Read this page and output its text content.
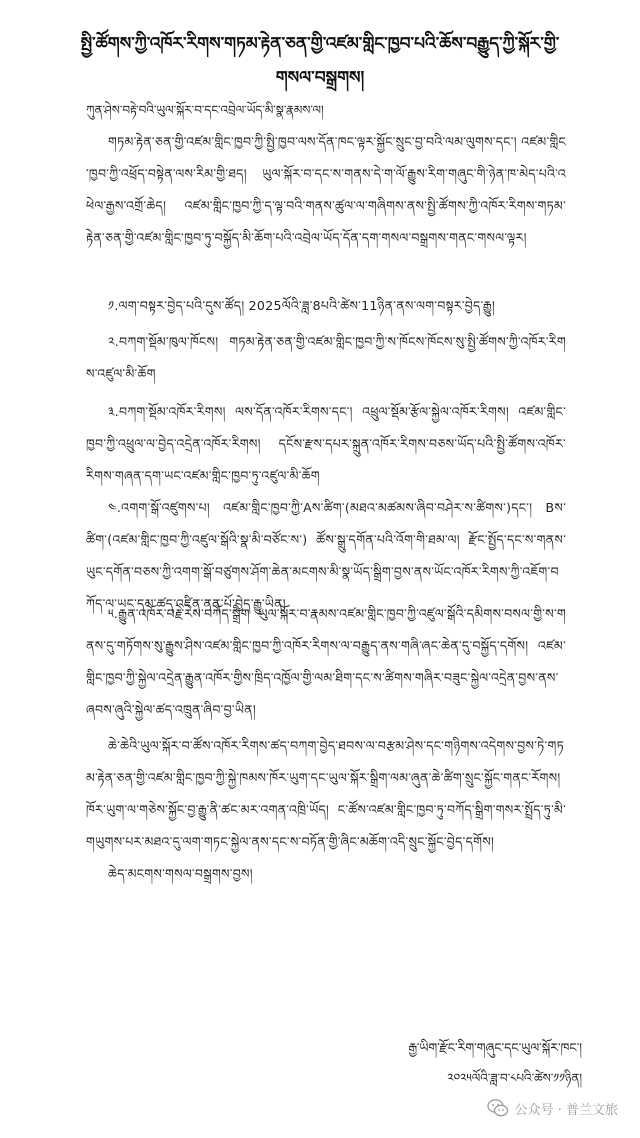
སྤྱི་ཚོགས་ཀྱི་འཁོར་རིགས་གཏམ་རྟེན་ཅན་གྱི་འཛམ་གླིང་ཁྱབ་པའི་ཆོས་བརྒྱུད་ཀྱི་སྐོར་གྱི་
གསལ་བསྒྲགས།
ཀུན་ཤེས་བརྟེ་བའི་ཡུལ་སྐོར་བ་དང་འབྲེལ་ཡོད་མི་སྣ་རྣམས་ལ།
གཏམ་རྟེན་ཅན་གྱི་འཛམ་གླིང་ཁྱབ་ཀྱི་སྤྱི་ཁྱབ་ལས་དོན་ཁང་ལྟར་སྐྱོང་སྲུང་བྱ་བའི་ལམ་ལུགས་དང་། འཛམ་གླིང་ཁྱབ་ཀྱི་འཕྲོད་བསྟེན་ལས་རིམ་གྱི་ཐད། ཡུལ་སྐོར་བ་དང་ས་གནས་དེ་ག་ལོ་རྒྱུས་རིག་གཞུང་གི་ཉེན་ཁ་མེད་པའི་འཕེལ་རྒྱས་འགྲོ་ཆེད། འཛམ་གླིང་ཁྱབ་ཀྱི་ད་ལྟ་བའི་གནས་ཚུལ་ལ་གཞིགས་ནས་སྤྱི་ཚོགས་ཀྱི་འཁོར་རིགས་གཏམ་རྟེན་ཅན་གྱི་འཛམ་གླིང་ཁྱབ་ཏུ་བསྐྱོད་མི་ཆོག་པའི་འབྲེལ་ཡོད་དོན་དག་གསལ་བསྒྲགས་གནང་གསལ་ལྟར།
༡.ལག་བསྟར་བྱེད་པའི་དུས་ཚོད། 2025ལོའི་ཟླ་8པའི་ཚེས་11ཉིན་ནས་ལག་བསྟར་བྱེད་རྒྱུ།
༢.བཀག་སྡོམ་ཁུལ་ཁོངས། གཏམ་རྟེན་ཅན་གྱི་འཛམ་གླིང་ཁྱབ་ཀྱི་ས་ཁོངས་ཁོངས་སུ་སྤྱི་ཚོགས་ཀྱི་འཁོར་རིགས་འཛུལ་མི་ཆོག
༣.བཀག་སྡོམ་འཁོར་རིགས། ལས་དོན་འཁོར་རིགས་དང་། འཕྲུལ་སྡོམ་རྩོལ་སྐྱེལ་འཁོར་རིགས། འཛམ་གླིང་ཁྱབ་ཀྱི་འཕྲུལ་ལ་བྱེད་འདྲེན་འཁོར་རིགས། དངོས་རྫས་དཔར་སྐྲུན་འཁོར་རིགས་བཅས་ཡོད་པའི་སྤྱི་ཚོགས་འཁོར་རིགས་གཞན་དག་ཡང་འཛམ་གླིང་ཁྱབ་ཏུ་འཛུལ་མི་ཆོག
༤.འགག་སྒོ་འཛུགས་པ། འཛམ་གླིང་ཁྱབ་ཀྱི་Aས་ཚིག་(མཐའ་མཚམས་ཞིབ་བཤེར་ས་ཚིགས་)དང་། Bས་ཚིག་(འཛམ་གླིང་ཁྱབ་ཀྱི་འཛུལ་སྒོའི་སྣ་མི་བཙོང་ས་) ཚོས་སྒྲུ་དགོན་པའི་འོག་གི་ཐམ་ལ། རྫོང་སྤྱོད་དང་ས་གནས་ཡུང་དགོན་བཅས་ཀྱི་འགག་སྒོ་བཙུགས་ཤོག་ཆེན་མངགས་མི་སྣ་ཡོད་སྒྲིག་བྱས་ནས་ཡོང་འཁོར་རིགས་ཀྱི་འཇོག་བཀོད་ལ་ཡང་དམ་ཚད་འཛིན་ནན་པོ་བྱེད་རྒྱུ་ཡིན།
༥.རྒྱུན་འཁོར་བརྗེ་རེས་བཀོད་སྒྲིག ཡུལ་སྐོར་བ་རྣམས་འཛམ་གླིང་ཁྱབ་ཀྱི་འཛུལ་སྒོའི་དམིགས་བསལ་གྱི་ས་གནས་དུ་གཏོགས་སུ་རྒྱུས་ཤིས་འཛམ་གླིང་ཁྱབ་ཀྱི་འཁོར་རིགས་ལ་བརྒྱུད་ནས་གཞི་ཞང་ཆེན་དུ་བསྐྱོད་དགོས། འཛམ་གླིང་ཁྱབ་ཀྱི་སྐྱེལ་འདྲེན་རྒྱུན་འཁོར་གྱིས་ཁྲིད་འཁྱོལ་གྱི་ལམ་ཐིག་དང་ས་ཚིགས་གཞིར་བཟུང་སྐྱེལ་འདྲེན་བྱས་ནས་ཞབས་ཞུའི་སྐྱེལ་ཚད་འཁྲུན་ཞིབ་བྱ་ཡིན།
ཆེ་ཆེའི་ཡུལ་སྐོར་བ་ཚོས་འཁོར་རིགས་ཚད་བཀག་བྱེད་ཐབས་ལ་བརྩམ་ཤེས་དང་གཉིགས་འདེགས་བྱས་ཏེ་གཏམ་རྟེན་ཅན་གྱི་འཛམ་གླིང་ཁྱབ་ཀྱི་སྐྱེ་ཁམས་ཁོར་ཡུག་དང་ཡུལ་སྐོར་སྒྲིག་ལམ་ཞུན་ཆེ་ཚིག་སྲུང་སྐྱོང་གནང་རོགས། ཁོར་ཡུག་ལ་གཅེས་སྐྱོང་བྱ་རྒྱུ་ནི་ཚང་མར་འགན་འཁྲི་ཡོད། ང་ཚོས་འཛམ་གླིང་ཁྱབ་ཏུ་བཀོད་སྒྲིག་གསར་སྤྲོད་ཏུ་མི་གཡུགས་པར་མཐའ་དུ་ལག་གཏང་སྐྱེལ་ནས་དང་ས་བཏོན་གྱི་ཞིང་མཆོག་འདི་སྲུང་སྐྱོང་བྱེད་དགོས།
ཆེད་མངགས་གསལ་བསྒྲགས་བྱས།
རྒྱ་ཡིག་རྫོང་རིག་གཞུང་དང་ཡུལ་སྐོར་ཁང་།
༢༠༢༥ལོའི་ཟླ་བ་༨པའི་ཚེས་༡༡ཉིན།
公众号 · 普兰文旅
